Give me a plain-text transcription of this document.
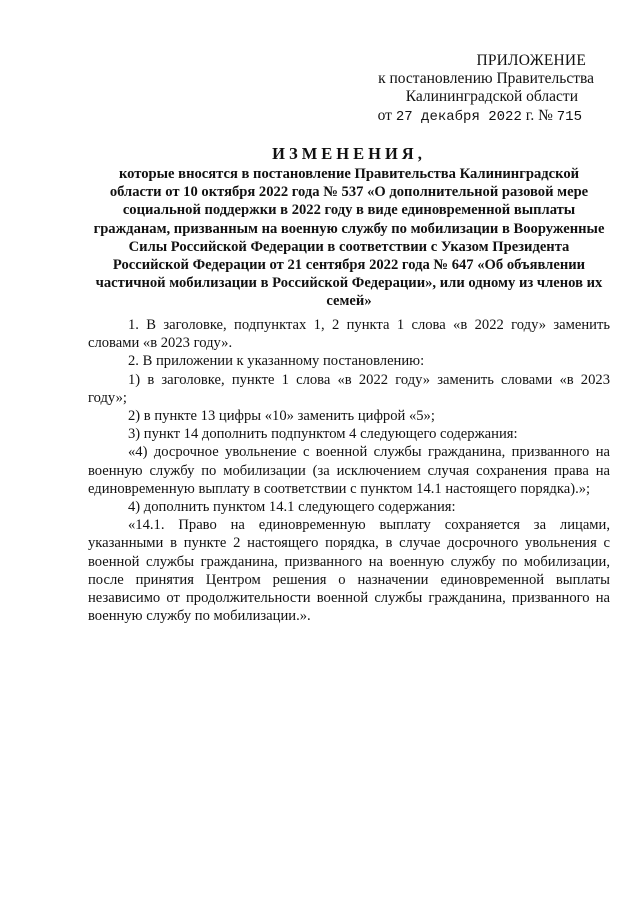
ПРИЛОЖЕНИЕ
к постановлению Правительства
Калининградской области
от 27 декабря 2022 г. № 715
ИЗМЕНЕНИЯ,
которые вносятся в постановление Правительства Калининградской области от 10 октября 2022 года № 537 «О дополнительной разовой мере социальной поддержки в 2022 году в виде единовременной выплаты гражданам, призванным на военную службу по мобилизации в Вооруженные Силы Российской Федерации в соответствии с Указом Президента Российской Федерации от 21 сентября 2022 года № 647 «Об объявлении частичной мобилизации в Российской Федерации», или одному из членов их семей»

1. В заголовке, подпунктах 1, 2 пункта 1 слова «в 2022 году» заменить словами «в 2023 году».

2. В приложении к указанному постановлению:

1) в заголовке, пункте 1 слова «в 2022 году» заменить словами «в 2023 году»;

2) в пункте 13 цифры «10» заменить цифрой «5»;

3) пункт 14 дополнить подпунктом 4 следующего содержания:

«4) досрочное увольнение с военной службы гражданина, призванного на военную службу по мобилизации (за исключением случая сохранения права на единовременную выплату в соответствии с пунктом 14.1 настоящего порядка).»;

4) дополнить пунктом 14.1 следующего содержания:

«14.1. Право на единовременную выплату сохраняется за лицами, указанными в пункте 2 настоящего порядка, в случае досрочного увольнения с военной службы гражданина, призванного на военную службу по мобилизации, после принятия Центром решения о назначении единовременной выплаты независимо от продолжительности военной службы гражданина, призванного на военную службу по мобилизации.».
